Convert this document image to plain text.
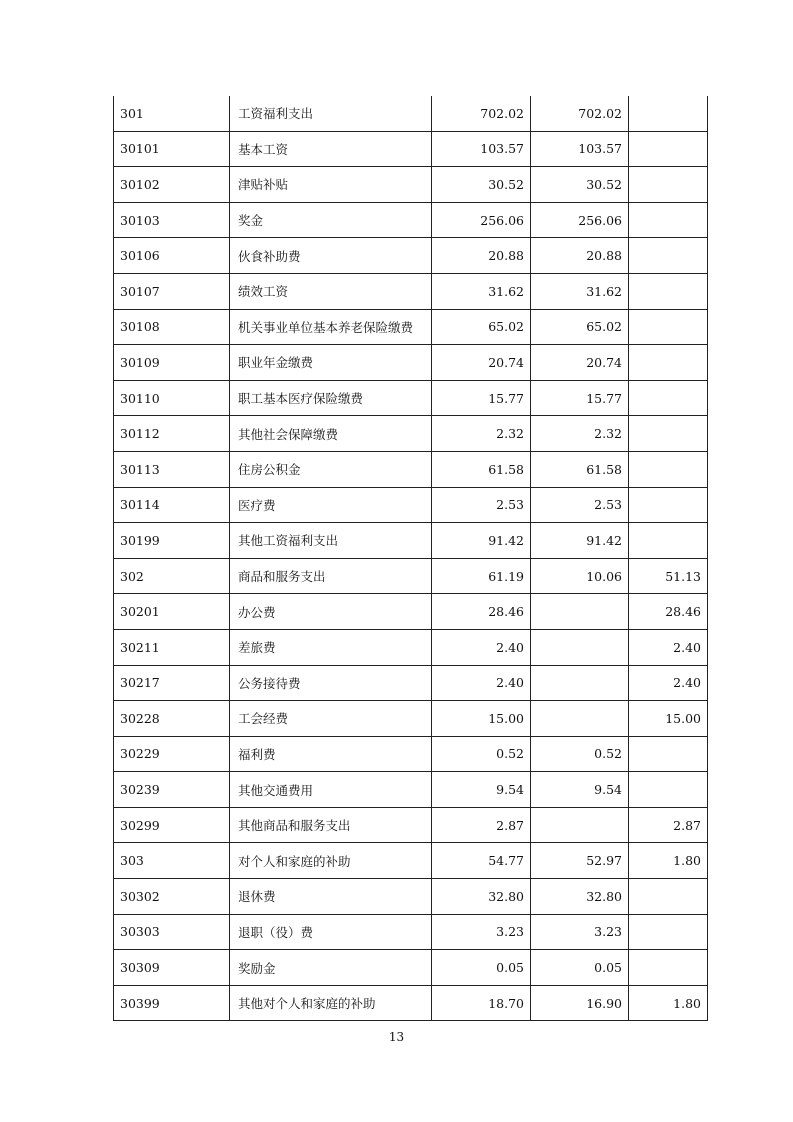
301	工资福利支出	702.02	702.02	
30101	基本工资	103.57	103.57	
30102	津贴补贴	30.52	30.52	
30103	奖金	256.06	256.06	
30106	伙食补助费	20.88	20.88	
30107	绩效工资	31.62	31.62	
30108	机关事业单位基本养老保险缴费	65.02	65.02	
30109	职业年金缴费	20.74	20.74	
30110	职工基本医疗保险缴费	15.77	15.77	
30112	其他社会保障缴费	2.32	2.32	
30113	住房公积金	61.58	61.58	
30114	医疗费	2.53	2.53	
30199	其他工资福利支出	91.42	91.42	
302	商品和服务支出	61.19	10.06	51.13
30201	办公费	28.46		28.46
30211	差旅费	2.40		2.40
30217	公务接待费	2.40		2.40
30228	工会经费	15.00		15.00
30229	福利费	0.52	0.52	
30239	其他交通费用	9.54	9.54	
30299	其他商品和服务支出	2.87		2.87
303	对个人和家庭的补助	54.77	52.97	1.80
30302	退休费	32.80	32.80	
30303	退职（役）费	3.23	3.23	
30309	奖励金	0.05	0.05	
30399	其他对个人和家庭的补助	18.70	16.90	1.80
13
